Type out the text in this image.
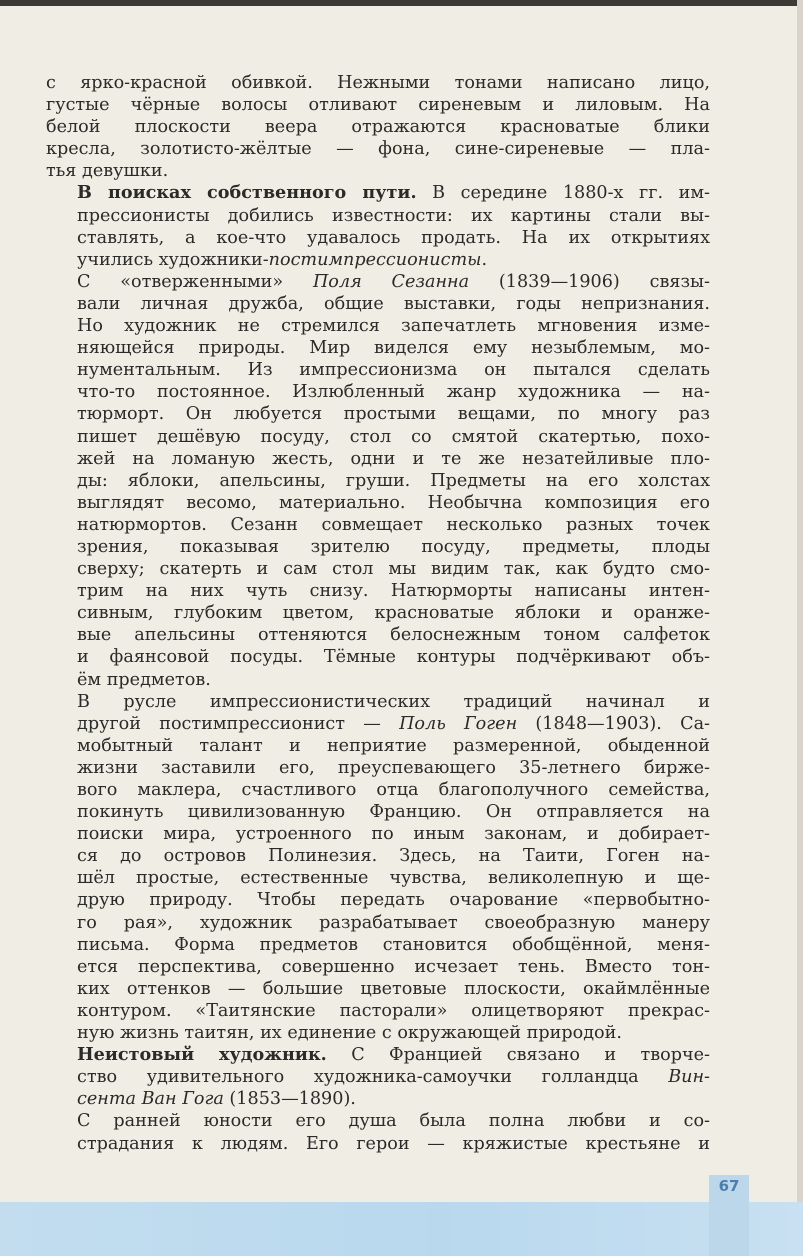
с ярко-красной обивкой. Нежными тонами написано лицо,
густые чёрные волосы отливают сиреневым и лиловым. На
белой плоскости веера отражаются красноватые блики
кресла, золотисто-жёлтые — фона, сине-сиреневые — пла-
тья девушки.

В поисках собственного пути. В середине 1880-х гг. им-
прессионисты добились известности: их картины стали вы-
ставлять, а кое-что удавалось продать. На их открытиях
учились художники-постимпрессионисты.

С «отверженными» Поля Сезанна (1839—1906) связы-
вали личная дружба, общие выставки, годы непризнания.
Но художник не стремился запечатлеть мгновения изме-
няющейся природы. Мир виделся ему незыблемым, мо-
нументальным. Из импрессионизма он пытался сделать
что-то постоянное. Излюбленный жанр художника — на-
тюрморт. Он любуется простыми вещами, по многу раз
пишет дешёвую посуду, стол со смятой скатертью, похо-
жей на ломаную жесть, одни и те же незатейливые пло-
ды: яблоки, апельсины, груши. Предметы на его холстах
выглядят весомо, материально. Необычна композиция его
натюрмортов. Сезанн совмещает несколько разных точек
зрения, показывая зрителю посуду, предметы, плоды
сверху; скатерть и сам стол мы видим так, как будто смо-
трим на них чуть снизу. Натюрморты написаны интен-
сивным, глубоким цветом, красноватые яблоки и оранже-
вые апельсины оттеняются белоснежным тоном салфеток
и фаянсовой посуды. Тёмные контуры подчёркивают объ-
ём предметов.

В русле импрессионистических традиций начинал и
другой постимпрессионист — Поль Гоген (1848—1903). Са-
мобытный талант и неприятие размеренной, обыденной
жизни заставили его, преуспевающего 35-летнего бирже-
вого маклера, счастливого отца благополучного семейства,
покинуть цивилизованную Францию. Он отправляется на
поиски мира, устроенного по иным законам, и добирает-
ся до островов Полинезия. Здесь, на Таити, Гоген на-
шёл простые, естественные чувства, великолепную и ще-
друю природу. Чтобы передать очарование «первобытно-
го рая», художник разрабатывает своеобразную манеру
письма. Форма предметов становится обобщённой, меня-
ется перспектива, совершенно исчезает тень. Вместо тон-
ких оттенков — большие цветовые плоскости, окаймлённые
контуром. «Таитянские пасторали» олицетворяют прекрас-
ную жизнь таитян, их единение с окружающей природой.

Неистовый художник. С Францией связано и творче-
ство удивительного художника-самоучки голландца Вин-
сента Ван Гога (1853—1890).

С ранней юности его душа была полна любви и со-
страдания к людям. Его герои — кряжистые крестьяне и

67
